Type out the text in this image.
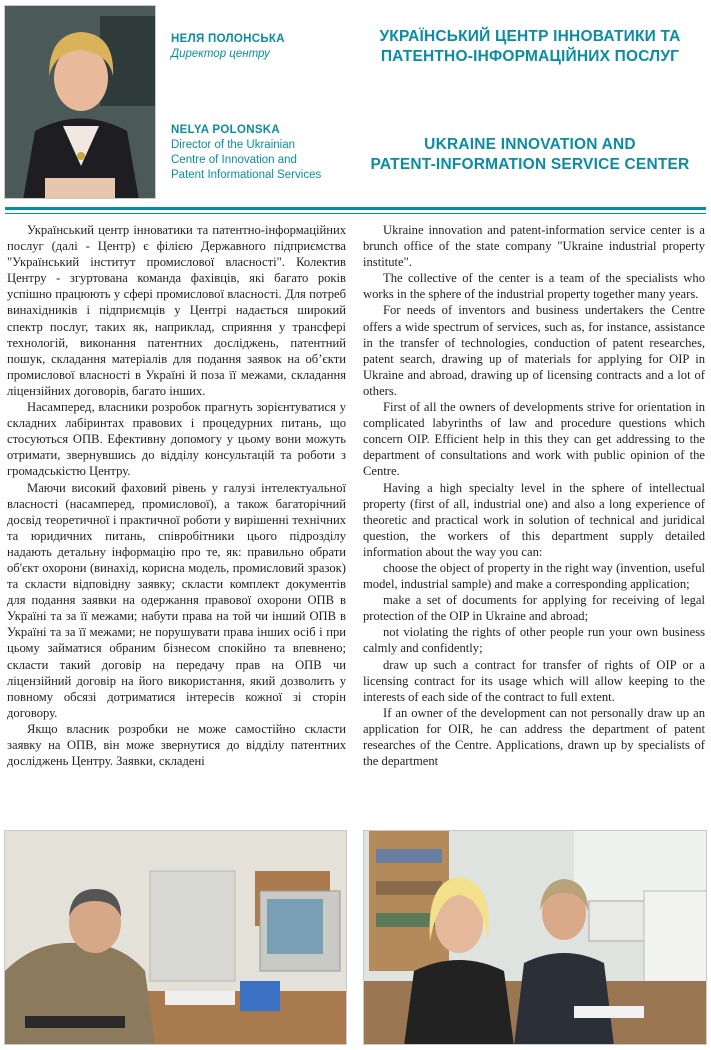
НЕЛЯ ПОЛОНСЬКА
Директор центру
NELYA POLONSKA
Director of the Ukrainian
Centre of Innovation and
Patent Informational Services
УКРАЇНСЬКИЙ ЦЕНТР ІННОВАТИКИ ТА
ПАТЕНТНО-ІНФОРМАЦІЙНИХ ПОСЛУГ
UKRAINE INNOVATION AND
PATENT-INFORMATION SERVICE CENTER

Український центр інноватики та патентно-інформаційних послуг (далі - Центр) є філією Державного підприємства "Український інститут промислової власності". Колектив Центру - згуртована команда фахівців, які багато років успішно працюють у сфері промислової власності. Для потреб винахідників і підприємців у Центрі надається широкий спектр послуг, таких як, наприклад, сприяння у трансфері технологій, виконання патентних досліджень, патентний пошук, складання матеріалів для подання заявок на об’єкти промислової власності в Україні й поза її межами, складання ліцензійних договорів, багато інших.

Насамперед, власники розробок прагнуть зорієнтуватися у складних лабіринтах правових і процедурних питань, що стосуються ОПВ. Ефективну допомогу у цьому вони можуть отримати, звернувшись до відділу консультацій та роботи з громадськістю Центру.

Маючи високий фаховий рівень у галузі інтелектуальної власності (насамперед, промислової), а також багаторічний досвід теоретичної і практичної роботи у вирішенні технічних та юридичних питань, співробітники цього підрозділу надають детальну інформацію про те, як: правильно обрати об'єкт охорони (винахід, корисна модель, промисловий зразок) та скласти відповідну заявку; скласти комплект документів для подання заявки на одержання правової охорони ОПВ в Україні та за її межами; набути права на той чи інший ОПВ в Україні та за її межами; не порушувати права інших осіб і при цьому займатися обраним бізнесом спокійно та впевнено; скласти такий договір на передачу прав на ОПВ чи ліцензійний договір на його використання, який дозволить у повному обсязі дотриматися інтересів кожної зі сторін договору.

Якщо власник розробки не може самостійно скласти заявку на ОПВ, він може звернутися до відділу патентних досліджень Центру. Заявки, складені

Ukraine innovation and patent-information service center is a brunch office of the state company "Ukraine industrial property institute".

The collective of the center is a team of the specialists who works in the sphere of the industrial property together many years.

For needs of inventors and business undertakers the Centre offers a wide spectrum of services, such as, for instance, assistance in the transfer of technologies, conduction of patent researches, patent search, drawing up of materials for applying for OIP in Ukraine and abroad, drawing up of licensing contracts and a lot of others.

First of all the owners of developments strive for orientation in complicated labyrinths of law and procedure questions which concern OIP. Efficient help in this they can get addressing to the department of consultations and work with public opinion of the Centre.

Having a high specialty level in the sphere of intellectual property (first of all, industrial one) and also a long experience of theoretic and practical work in solution of technical and juridical question, the workers of this department supply detailed information about the way you can:

choose the object of property in the right way (invention, useful model, industrial sample) and make a corresponding application;

make a set of documents for applying for receiving of legal protection of the OIP in Ukraine and abroad;

not violating the rights of other people run your own business calmly and confidently;

draw up such a contract for transfer of rights of OIP or a licensing contract for its usage which will allow keeping to the interests of each side of the contract to full extent.

If an owner of the development can not personally draw up an application for OIR, he can address the department of patent researches of the Centre. Applications, drawn up by specialists of the department
